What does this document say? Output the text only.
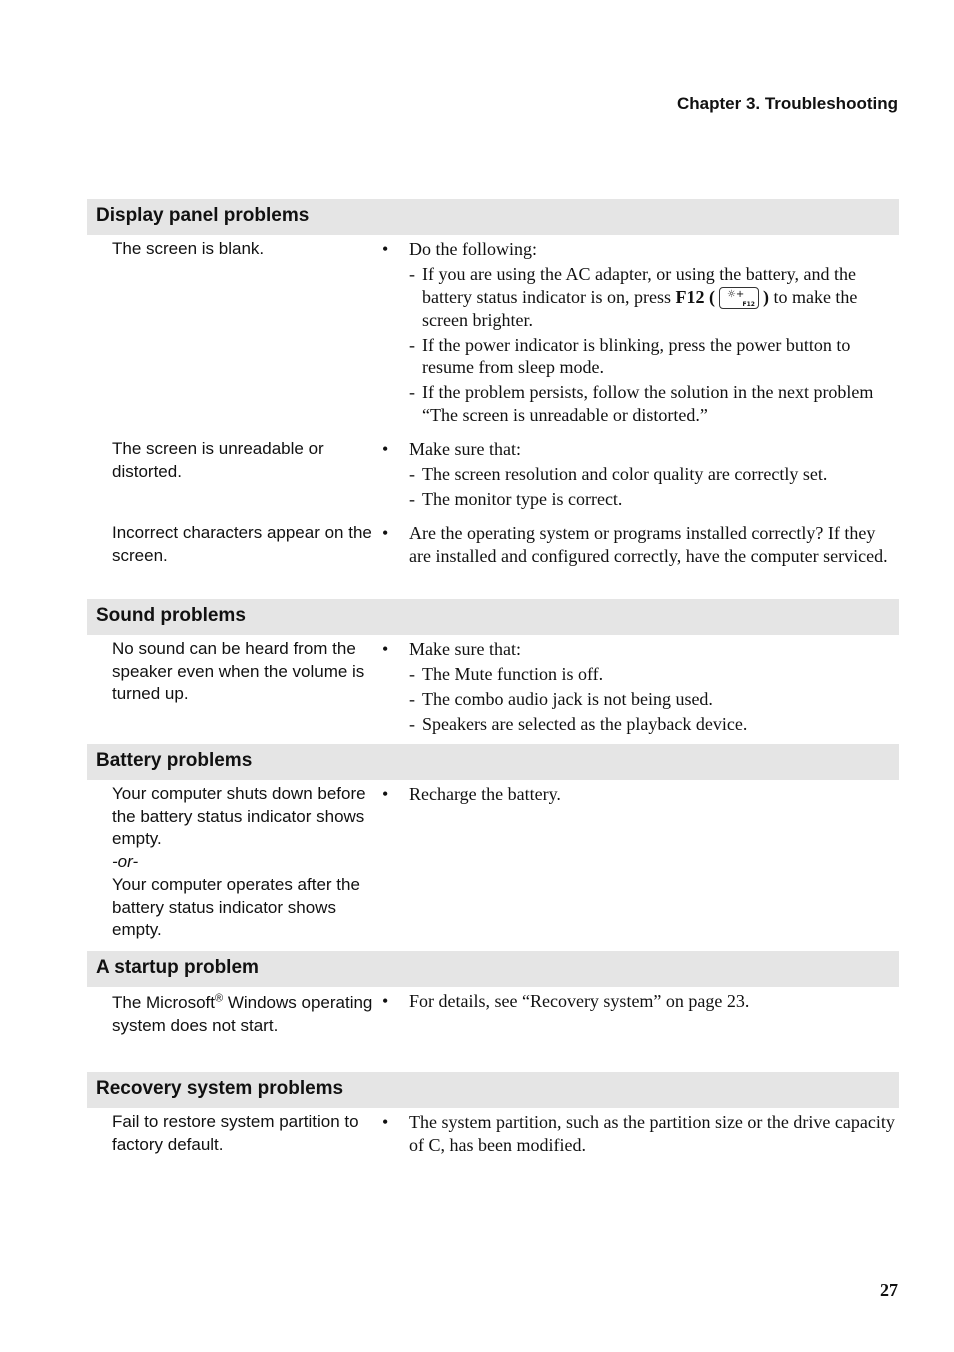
Chapter 3. Troubleshooting
Display panel problems
The screen is blank.	• Do the following:
- If you are using the AC adapter, or using the battery, and the battery status indicator is on, press F12 ( ☼+
F12 ) to make the screen brighter.
- If the power indicator is blinking, press the power button to resume from sleep mode.
- If the problem persists, follow the solution in the next problem “The screen is unreadable or distorted.”
The screen is unreadable or distorted.
• Make sure that:
- The screen resolution and color quality are correctly set.
- The monitor type is correct.
Incorrect characters appear on the screen.
• Are the operating system or programs installed correctly? If they are installed and configured correctly, have the computer serviced.
Sound problems
No sound can be heard from the speaker even when the volume is turned up.
• Make sure that:
- The Mute function is off.
- The combo audio jack is not being used.
- Speakers are selected as the playback device.
Battery problems
Your computer shuts down before the battery status indicator shows empty.
-or-
Your computer operates after the battery status indicator shows empty.
• Recharge the battery.
A startup problem
The Microsoft® Windows operating system does not start.
• For details, see “Recovery system” on page 23.
Recovery system problems
Fail to restore system partition to factory default.
• The system partition, such as the partition size or the drive capacity of C, has been modified.
27
